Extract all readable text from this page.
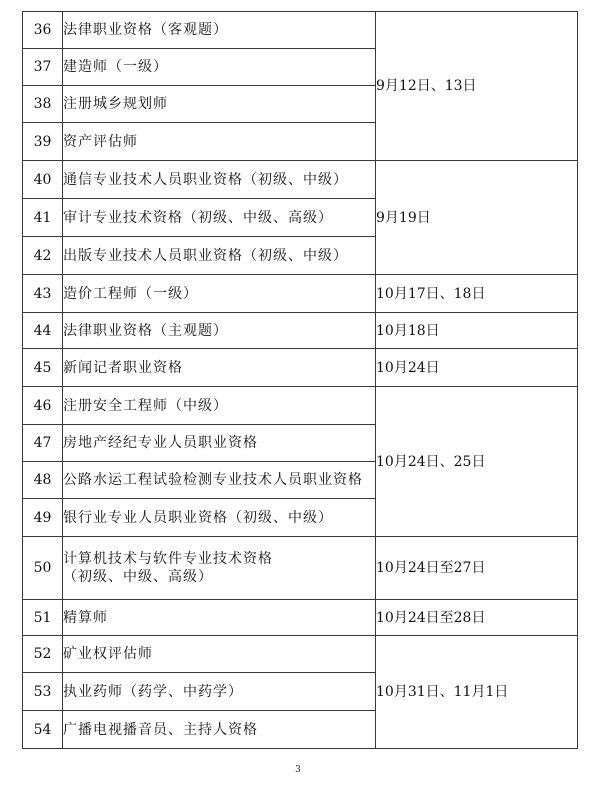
36	法律职业资格（客观题）	9月12日、13日
37	建造师（一级）	
38	注册城乡规划师	
39	资产评估师	
40	通信专业技术人员职业资格（初级、中级）	9月19日
41	审计专业技术资格（初级、中级、高级）	
42	出版专业技术人员职业资格（初级、中级）	
43	造价工程师（一级）	10月17日、18日
44	法律职业资格（主观题）	10月18日
45	新闻记者职业资格	10月24日
46	注册安全工程师（中级）	10月24日、25日
47	房地产经纪专业人员职业资格	
48	公路水运工程试验检测专业技术人员职业资格	
49	银行业专业人员职业资格（初级、中级）	
50	计算机技术与软件专业技术资格
（初级、中级、高级）	10月24日至27日
51	精算师	10月24日至28日
52	矿业权评估师	10月31日、11月1日
53	执业药师（药学、中药学）	
54	广播电视播音员、主持人资格	
3
